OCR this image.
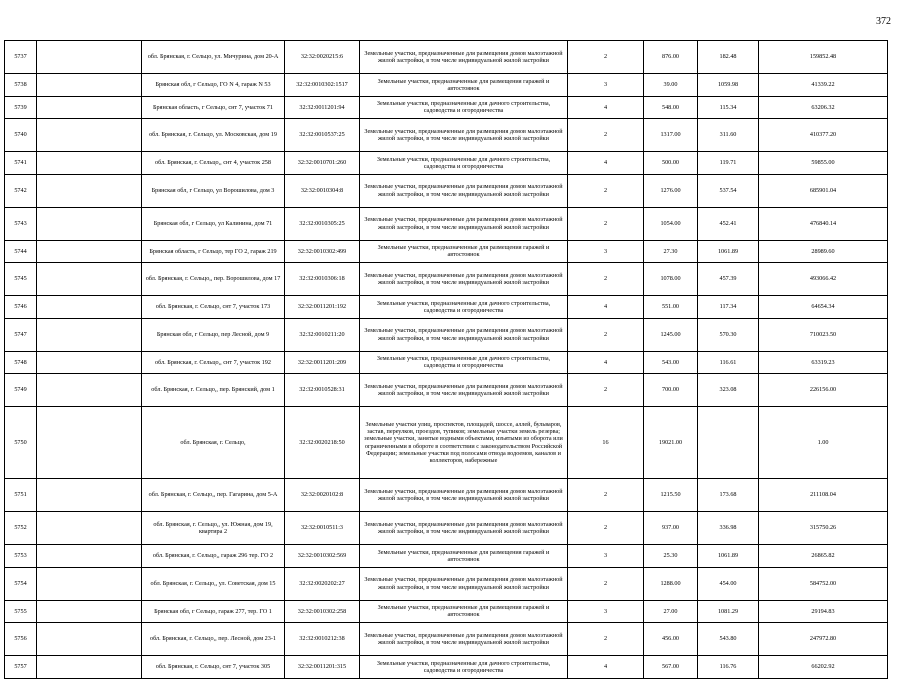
372
5737		обл. Брянская, г. Сельцо, ул. Мичурина, дом 20-А	32:32:0020215:6	Земельные участки, предназначенные для размещения домов малоэтажной жилой застройки, в том числе индивидуальной жилой застройки	2	876.00	182.48	159852.48
5738		Брянская обл, г Сельцо, ГО N 4, гараж N 53	32:32:0010302:1517	Земельные участки, предназначенные для размещения гаражей и автостоянок	3	39.00	1059.98	41339.22
5739		Брянская область, г Сельцо, снт 7, участок 71	32:32:0011201:94	Земельные участки, предназначенные для дачного строительства, садоводства и огородничества	4	548.00	115.34	63206.32
5740		обл. Брянская, г. Сельцо, ул. Московская, дом 19	32:32:0010537:25	Земельные участки, предназначенные для размещения домов малоэтажной жилой застройки, в том числе индивидуальной жилой застройки	2	1317.00	311.60	410377.20
5741		обл. Брянская, г. Сельцо,, снт 4, участок 258	32:32:0010701:260	Земельные участки, предназначенные для дачного строительства, садоводства и огородничества	4	500.00	119.71	59855.00
5742		Брянская обл, г Сельцо, ул Ворошилова, дом 3	32:32:0010304:8	Земельные участки, предназначенные для размещения домов малоэтажной жилой застройки, в том числе индивидуальной жилой застройки	2	1276.00	537.54	685901.04
5743		Брянская обл, г Сельцо, ул Калинина, дом 71	32:32:0010305:25	Земельные участки, предназначенные для размещения домов малоэтажной жилой застройки, в том числе индивидуальной жилой застройки	2	1054.00	452.41	476840.14
5744		Брянская область, г Сельцо, тер ГО 2, гараж 219	32:32:0010302:499	Земельные участки, предназначенные для размещения гаражей и автостоянок	3	27.30	1061.89	28989.60
5745		обл. Брянская, г. Сельцо,, пер. Ворошилова, дом 17	32:32:0010306:18	Земельные участки, предназначенные для размещения домов малоэтажной жилой застройки, в том числе индивидуальной жилой застройки	2	1078.00	457.39	493066.42
5746		обл. Брянская, г. Сельцо, снт 7, участок 173	32:32:0011201:192	Земельные участки, предназначенные для дачного строительства, садоводства и огородничества	4	551.00	117.34	64654.34
5747		Брянская обл, г Сельцо, пер Лесной, дом 9	32:32:0010211:20	Земельные участки, предназначенные для размещения домов малоэтажной жилой застройки, в том числе индивидуальной жилой застройки	2	1245.00	570.30	710023.50
5748		обл. Брянская, г. Сельцо,, снт 7, участок 192	32:32:0011201:209	Земельные участки, предназначенные для дачного строительства, садоводства и огородничества	4	543.00	116.61	63319.23
5749		обл. Брянская, г. Сельцо,, пер. Брянский, дом 1	32:32:0010528:31	Земельные участки, предназначенные для размещения домов малоэтажной жилой застройки, в том числе индивидуальной жилой застройки	2	700.00	323.08	226156.00
5750		обл. Брянская, г. Сельцо,	32:32:0020218:50	Земельные участки улиц, проспектов, площадей, шоссе, аллей, бульваров, застав, переулков, проездов, тупиков; земельные участки земель резерва; земельные участки, занятые водными объектами, изъятыми из оборота или ограниченными в обороте в соответствии с законодательством Российской Федерации; земельные участки под полосами отвода водоемов, каналов и коллекторов, набережные	16	19021.00		1.00
5751		обл. Брянская, г. Сельцо,, пер. Гагарина, дом 5-А	32:32:0020102:8	Земельные участки, предназначенные для размещения домов малоэтажной жилой застройки, в том числе индивидуальной жилой застройки	2	1215.50	173.68	211108.04
5752		обл. Брянская, г. Сельцо,, ул. Южная, дом 19, квартира 2	32:32:0010511:3	Земельные участки, предназначенные для размещения домов малоэтажной жилой застройки, в том числе индивидуальной жилой застройки	2	937.00	336.98	315750.26
5753		обл. Брянская, г. Сельцо,, гараж 296 тер. ГО 2	32:32:0010302:569	Земельные участки, предназначенные для размещения гаражей и автостоянок	3	25.30	1061.89	26865.82
5754		обл. Брянская, г. Сельцо,, ул. Советская, дом 15	32:32:0020202:27	Земельные участки, предназначенные для размещения домов малоэтажной жилой застройки, в том числе индивидуальной жилой застройки	2	1288.00	454.00	584752.00
5755		Брянская обл, г Сельцо, гараж 277, тер. ГО 1	32:32:0010302:258	Земельные участки, предназначенные для размещения гаражей и автостоянок	3	27.00	1081.29	29194.83
5756		обл. Брянская, г. Сельцо,, пер. Лесной, дом 23-1	32:32:0010212:38	Земельные участки, предназначенные для размещения домов малоэтажной жилой застройки, в том числе индивидуальной жилой застройки	2	456.00	543.80	247972.80
5757		обл. Брянская, г. Сельцо, снт 7, участок 305	32:32:0011201:315	Земельные участки, предназначенные для дачного строительства, садоводства и огородничества	4	567.00	116.76	66202.92
